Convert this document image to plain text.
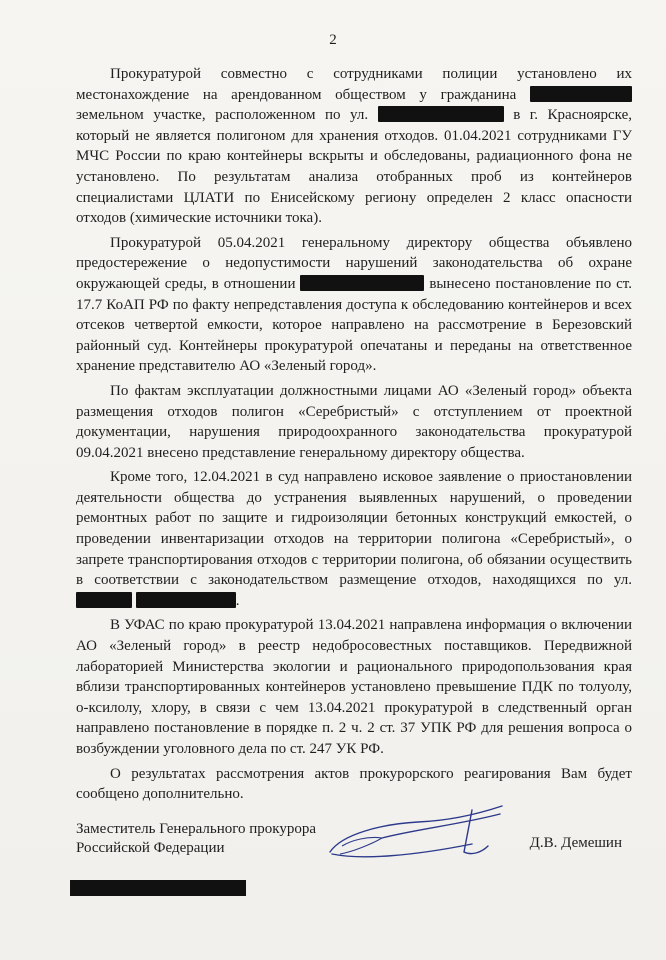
2

Прокуратурой совместно с сотрудниками полиции установлено их местонахождение на арендованном обществом у гражданина  земельном участке, расположенном по ул.	в г. Красноярске, который не является полигоном для хранения отходов. 01.04.2021 сотрудниками ГУ МЧС России по краю контейнеры вскрыты и обследованы, радиационного фона не установлено. По результатам анализа отобранных проб из контейнеров специалистами ЦЛАТИ по Енисейскому региону определен 2 класс опасности отходов (химические источники тока).

Прокуратурой 05.04.2021 генеральному директору общества объявлено предостережение о недопустимости нарушений законодательства об охране окружающей среды, в отношении	вынесено постановление по ст. 17.7 КоАП РФ по факту непредставления доступа к обследованию контейнеров и всех отсеков четвертой емкости, которое направлено на рассмотрение в Березовский районный суд. Контейнеры прокуратурой опечатаны и переданы на ответственное хранение представителю АО «Зеленый город».

По фактам эксплуатации должностными лицами АО «Зеленый город» объекта размещения отходов полигон «Серебристый» с отступлением от проектной документации, нарушения природоохранного законодательства прокуратурой 09.04.2021 внесено представление генеральному директору общества.

Кроме того, 12.04.2021 в суд направлено исковое заявление о приостановлении деятельности общества до устранения выявленных нарушений, о проведении ремонтных работ по защите и гидроизоляции бетонных конструкций емкостей, о проведении инвентаризации отходов на территории полигона «Серебристый», о запрете транспортирования отходов с территории полигона, об обязании осуществить в соответствии с законодательством размещение отходов, находящихся по ул.  .

В УФАС по краю прокуратурой 13.04.2021 направлена информация о включении АО «Зеленый город» в реестр недобросовестных поставщиков. Передвижной лабораторией Министерства экологии и рационального природопользования края вблизи транспортированных контейнеров установлено превышение ПДК по толуолу, о-ксилолу, хлору, в связи с чем 13.04.2021 прокуратурой в следственный орган направлено постановление в порядке п. 2 ч. 2 ст. 37 УПК РФ для решения вопроса о возбуждении уголовного дела по ст. 247 УК РФ.

О результатах рассмотрения актов прокурорского реагирования Вам будет сообщено дополнительно.

Заместитель Генерального прокурора
Российской Федерации	Д.В. Демешин
